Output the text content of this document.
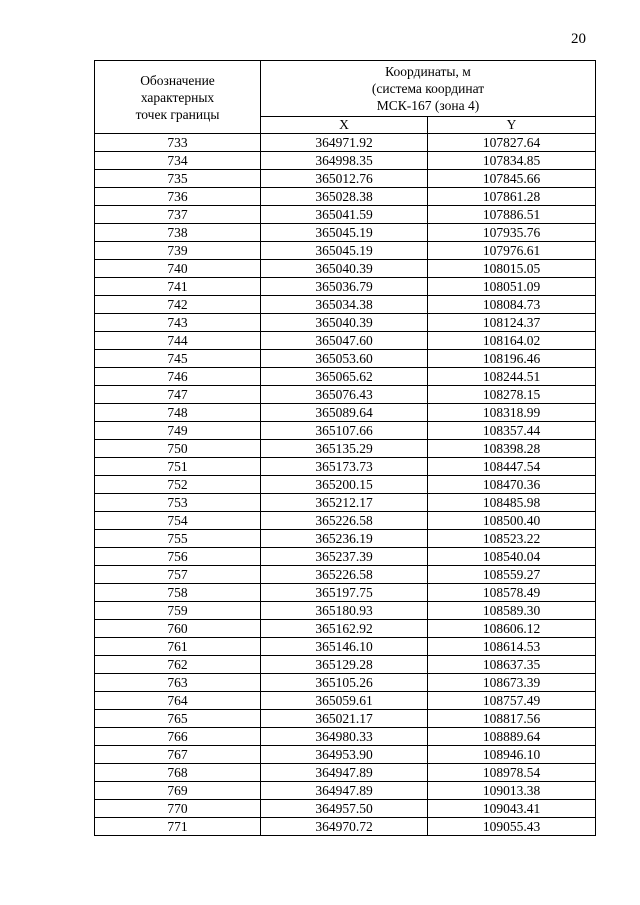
20
Обозначение
характерных
точек границы	Координаты, м
(система координат
МСК-167 (зона 4)	

	X	Y
733	364971.92	107827.64
734	364998.35	107834.85
735	365012.76	107845.66
736	365028.38	107861.28
737	365041.59	107886.51
738	365045.19	107935.76
739	365045.19	107976.61
740	365040.39	108015.05
741	365036.79	108051.09
742	365034.38	108084.73
743	365040.39	108124.37
744	365047.60	108164.02
745	365053.60	108196.46
746	365065.62	108244.51
747	365076.43	108278.15
748	365089.64	108318.99
749	365107.66	108357.44
750	365135.29	108398.28
751	365173.73	108447.54
752	365200.15	108470.36
753	365212.17	108485.98
754	365226.58	108500.40
755	365236.19	108523.22
756	365237.39	108540.04
757	365226.58	108559.27
758	365197.75	108578.49
759	365180.93	108589.30
760	365162.92	108606.12
761	365146.10	108614.53
762	365129.28	108637.35
763	365105.26	108673.39
764	365059.61	108757.49
765	365021.17	108817.56
766	364980.33	108889.64
767	364953.90	108946.10
768	364947.89	108978.54
769	364947.89	109013.38
770	364957.50	109043.41
771	364970.72	109055.43
